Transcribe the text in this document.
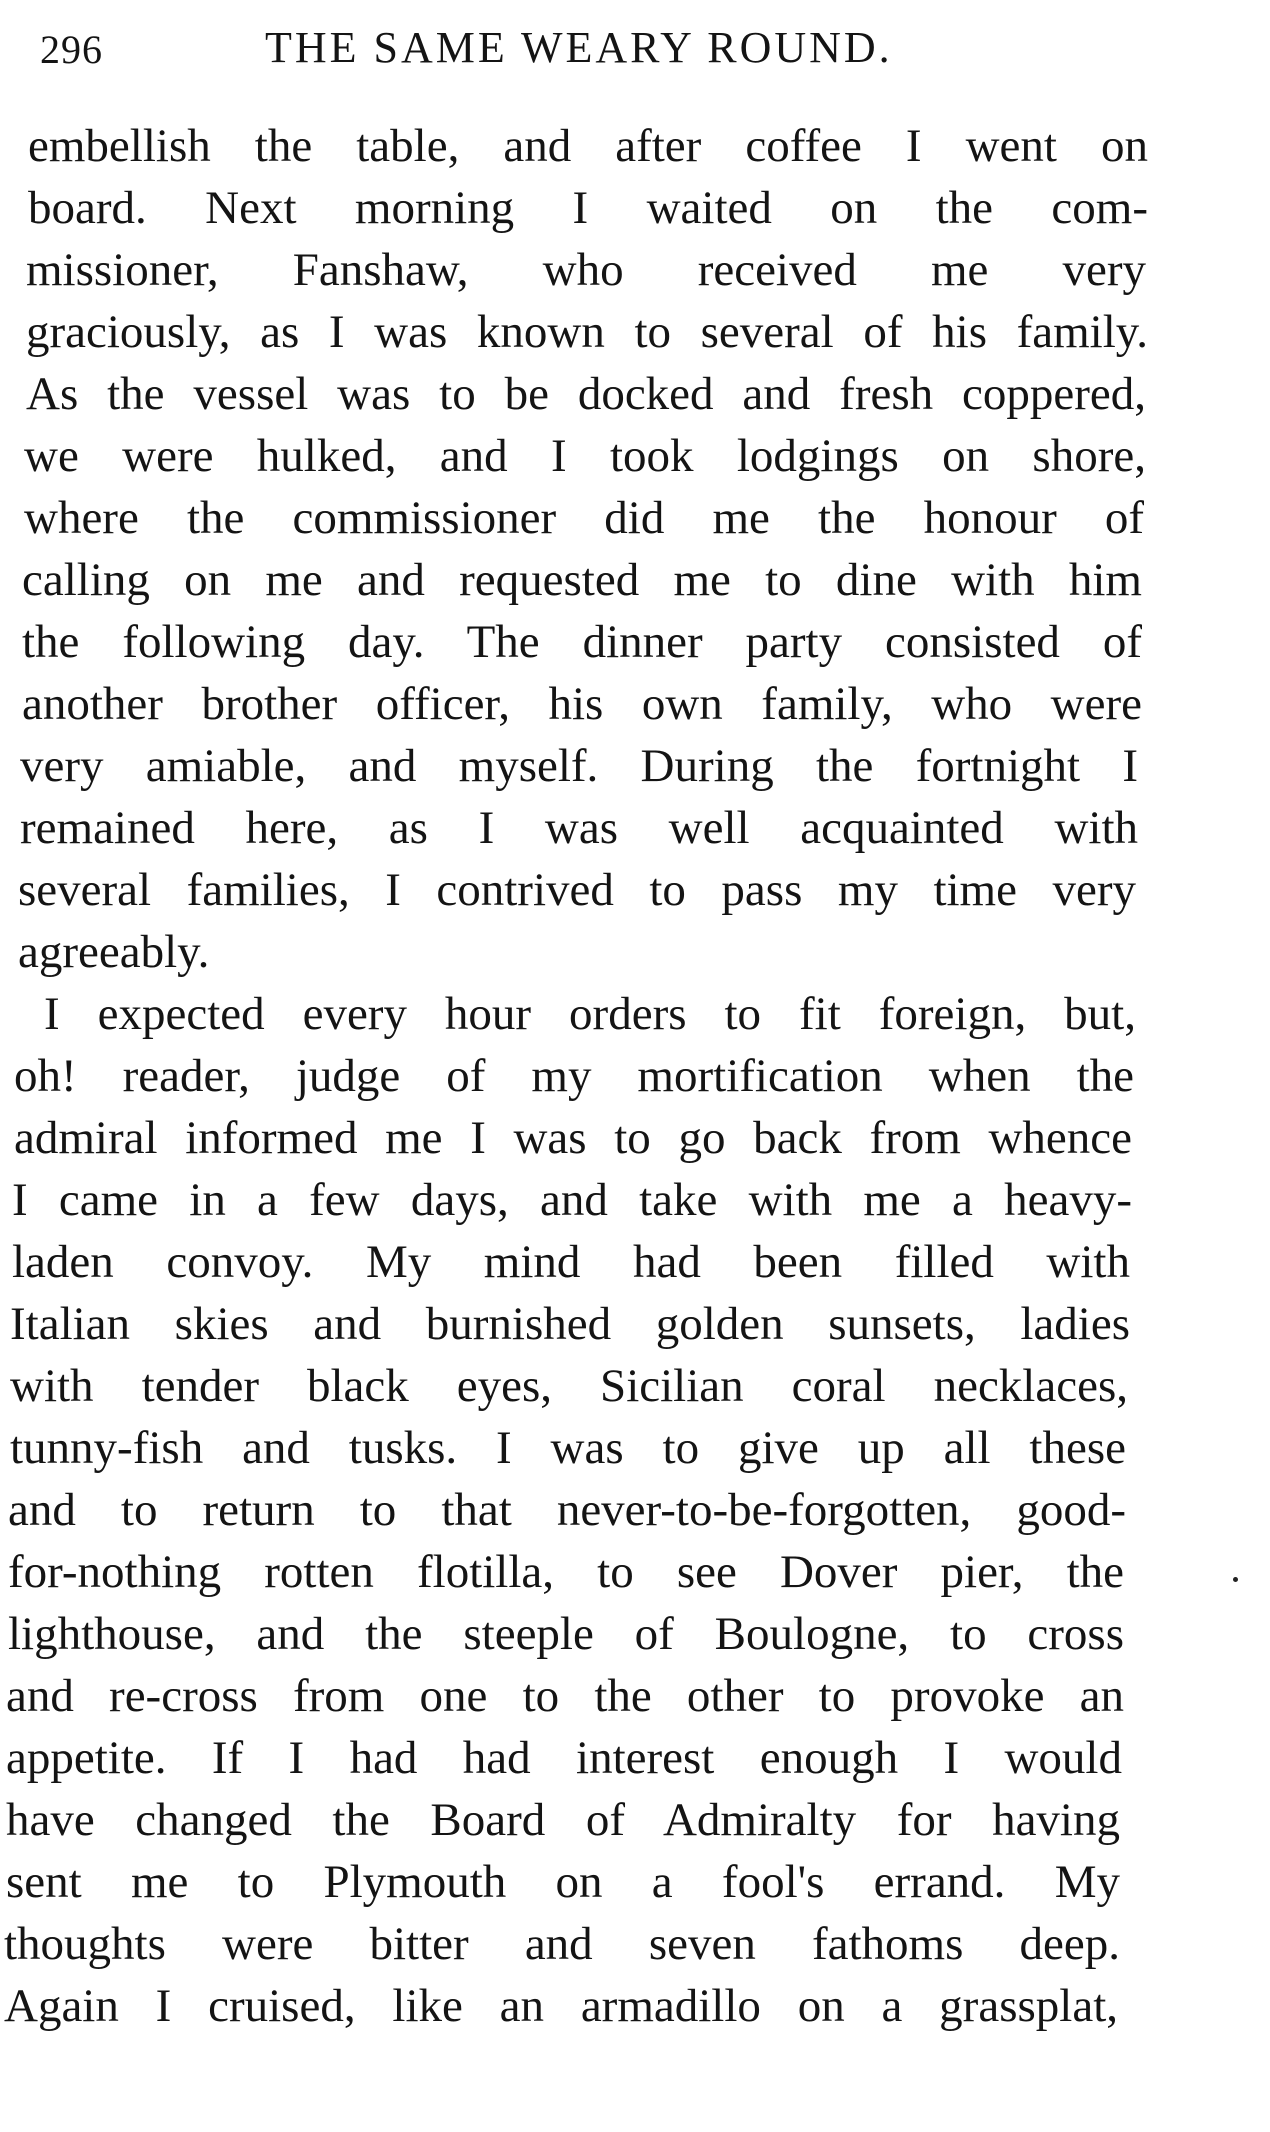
296	THE SAME WEARY ROUND.
embellish the table, and after coffee I went on
board. Next morning I waited on the com-
missioner, Fanshaw, who received me very
graciously, as I was known to several of his family.
As the vessel was to be docked and fresh coppered,
we were hulked, and I took lodgings on shore,
where the commissioner did me the honour of
calling on me and requested me to dine with him
the following day. The dinner party consisted of
another brother officer, his own family, who were
very amiable, and myself. During the fortnight I
remained here, as I was well acquainted with
several families, I contrived to pass my time very
agreeably.
I expected every hour orders to fit foreign, but,
oh! reader, judge of my mortification when the
admiral informed me I was to go back from whence
I came in a few days, and take with me a heavy-
laden convoy. My mind had been filled with
Italian skies and burnished golden sunsets, ladies
with tender black eyes, Sicilian coral necklaces,
tunny-fish and tusks. I was to give up all these
and to return to that never-to-be-forgotten, good-
for-nothing rotten flotilla, to see Dover pier, the
lighthouse, and the steeple of Boulogne, to cross
and re-cross from one to the other to provoke an
appetite. If I had had interest enough I would
have changed the Board of Admiralty for having
sent me to Plymouth on a fool's errand. My
thoughts were bitter and seven fathoms deep.
Again I cruised, like an armadillo on a grassplat,
